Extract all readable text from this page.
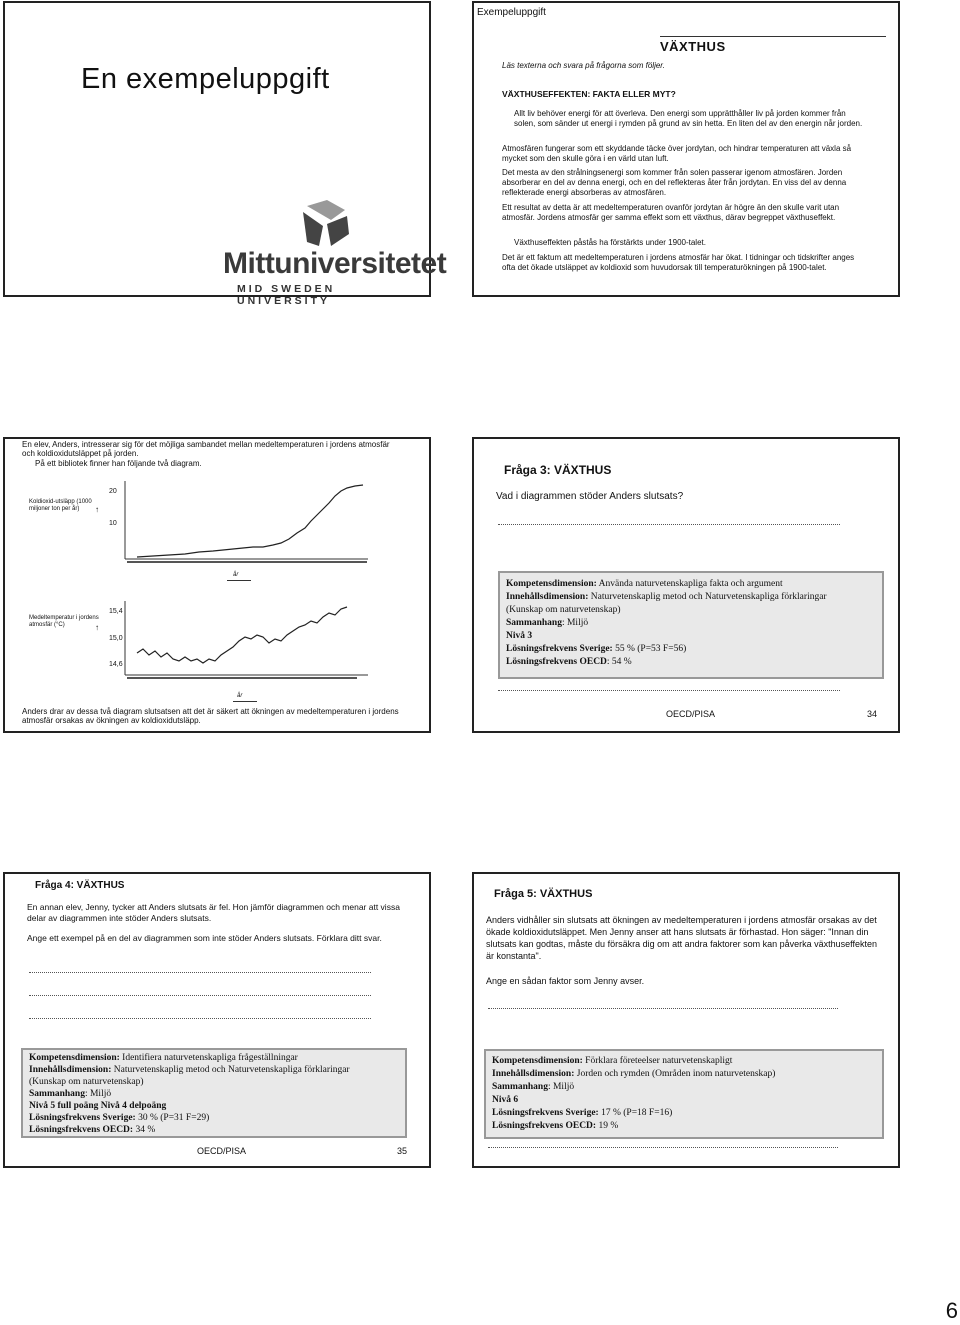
En exempeluppgift
Mittuniversitetet
MID SWEDEN UNIVERSITY
Exempeluppgift
VÄXTHUS
Läs texterna och svara på frågorna som följer.
VÄXTHUSEFFEKTEN: FAKTA ELLER MYT?
Allt liv behöver energi för att överleva. Den energi som upprätthåller liv på jorden kommer från solen, som sänder ut energi i rymden på grund av sin hetta. En liten del av den energin når jorden.
Atmosfären fungerar som ett skyddande täcke över jordytan, och hindrar temperaturen att växla så mycket som den skulle göra i en värld utan luft.
Det mesta av den strålningsenergi som kommer från solen passerar igenom atmosfären. Jorden absorberar en del av denna energi, och en del reflekteras åter från jordytan. En viss del av denna reflekterade energi absorberas av atmosfären.
Ett resultat av detta är att medeltemperaturen ovanför jordytan är högre än den skulle varit utan atmosfär. Jordens atmosfär ger samma effekt som ett växthus, därav begreppet växthuseffekt.
Växthuseffekten påstås ha förstärkts under 1900-talet.
Det är ett faktum att medeltemperaturen i jordens atmosfär har ökat. I tidningar och tidskrifter anges ofta det ökade utsläppet av koldioxid som huvudorsak till temperaturökningen på 1900-talet.
En elev, Anders, intresserar sig för det möjliga sambandet mellan medeltemperaturen i jordens atmosfär och koldioxidutsläppet på jorden.
På ett bibliotek finner han följande två diagram.
Koldioxid-utsläpp (1000 miljoner ton per år)	↑
20
10
år
Medeltemperatur i jordens atmosfär (°C)	↑
15,4
15,0
14,6
år
Anders drar av dessa två diagram slutsatsen att det är säkert att ökningen av medeltemperaturen i jordens atmosfär orsakas av ökningen av koldioxidutsläpp.
Fråga 3: VÄXTHUS
Vad i diagrammen stöder Anders slutsats?
Kompetensdimension: Använda naturvetenskapliga fakta och argument
Innehållsdimension: Naturvetenskaplig metod och Naturvetenskapliga förklaringar
(Kunskap om naturvetenskap)
Sammanhang: Miljö
Nivå 3
Lösningsfrekvens Sverige: 55 % (P=53 F=56)
Lösningsfrekvens OECD: 54 %
OECD/PISA	34
Fråga 4: VÄXTHUS
En annan elev, Jenny, tycker att Anders slutsats är fel. Hon jämför diagrammen och menar att vissa delar av diagrammen inte stöder Anders slutsats.
Ange ett exempel på en del av diagrammen som inte stöder Anders slutsats. Förklara ditt svar.
Kompetensdimension: Identifiera naturvetenskapliga frågeställningar
Innehållsdimension: Naturvetenskaplig metod och Naturvetenskapliga förklaringar
(Kunskap om naturvetenskap)
Sammanhang: Miljö
Nivå 5 full poäng Nivå 4 delpoäng
Lösningsfrekvens Sverige: 30 % (P=31 F=29)
Lösningsfrekvens OECD: 34 %
OECD/PISA	35
Fråga 5: VÄXTHUS
Anders vidhåller sin slutsats att ökningen av medeltemperaturen i jordens atmosfär orsakas av det ökade koldioxidutsläppet. Men Jenny anser att hans slutsats är förhastad. Hon säger: "Innan din slutsats kan godtas, måste du försäkra dig om att andra faktorer som kan påverka växthuseffekten är konstanta".
Ange en sådan faktor som Jenny avser.
Kompetensdimension: Förklara företeelser naturvetenskapligt
Innehållsdimension: Jorden och rymden (Områden inom naturvetenskap)
Sammanhang: Miljö
Nivå 6
Lösningsfrekvens Sverige: 17 % (P=18 F=16)
Lösningsfrekvens OECD: 19 %
6
